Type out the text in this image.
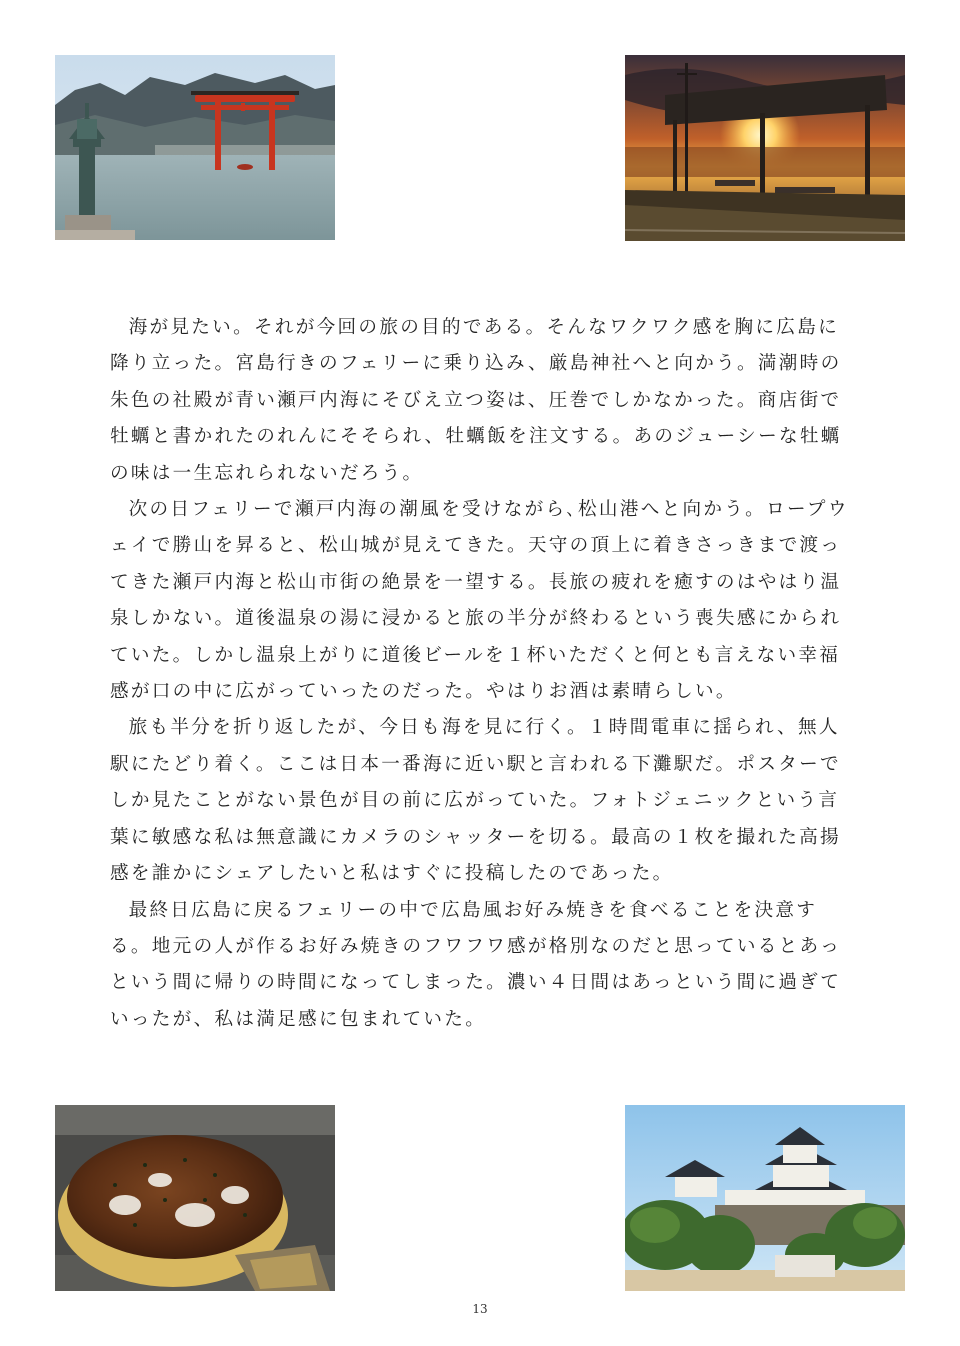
海が見たい。それが今回の旅の目的である。そんなワクワク感を胸に広島に降り立った。宮島行きのフェリーに乗り込み、厳島神社へと向かう。満潮時の朱色の社殿が青い瀬戸内海にそびえ立つ姿は、圧巻でしかなかった。商店街で牡蠣と書かれたのれんにそそられ、牡蠣飯を注文する。あのジューシーな牡蠣の味は一生忘れられないだろう。

次の日フェリーで瀬戸内海の潮風を受けながら､松山港へと向かう。ロープウェイで勝山を昇ると、松山城が見えてきた。天守の頂上に着きさっきまで渡ってきた瀬戸内海と松山市街の絶景を一望する。長旅の疲れを癒すのはやはり温泉しかない。道後温泉の湯に浸かると旅の半分が終わるという喪失感にかられていた。しかし温泉上がりに道後ビールを１杯いただくと何とも言えない幸福感が口の中に広がっていったのだった。やはりお酒は素晴らしい。

旅も半分を折り返したが、今日も海を見に行く。１時間電車に揺られ、無人駅にたどり着く。ここは日本一番海に近い駅と言われる下灘駅だ。ポスターでしか見たことがない景色が目の前に広がっていた。フォトジェニックという言葉に敏感な私は無意識にカメラのシャッターを切る。最高の１枚を撮れた高揚感を誰かにシェアしたいと私はすぐに投稿したのであった。

最終日広島に戻るフェリーの中で広島風お好み焼きを食べることを決意する。地元の人が作るお好み焼きのフワフワ感が格別なのだと思っているとあっという間に帰りの時間になってしまった。濃い４日間はあっという間に過ぎていったが、私は満足感に包まれていた。

13
